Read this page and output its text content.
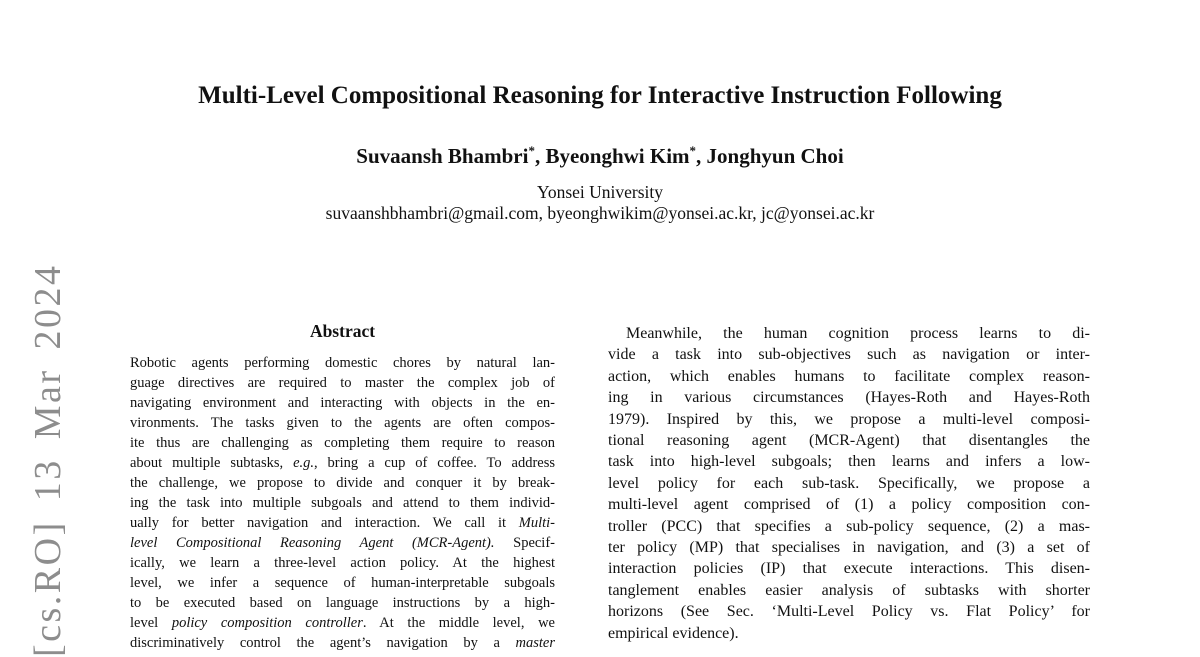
[cs.RO] 13 Mar 2024
Multi-Level Compositional Reasoning for Interactive Instruction Following
Suvaansh Bhambri*, Byeonghwi Kim*, Jonghyun Choi
Yonsei University
suvaanshbhambri@gmail.com, byeonghwikim@yonsei.ac.kr, jc@yonsei.ac.kr
Abstract
Robotic agents performing domestic chores by natural lan-
guage directives are required to master the complex job of
navigating environment and interacting with objects in the en-
vironments. The tasks given to the agents are often compos-
ite thus are challenging as completing them require to reason
about multiple subtasks, e.g., bring a cup of coffee. To address
the challenge, we propose to divide and conquer it by break-
ing the task into multiple subgoals and attend to them individ-
ually for better navigation and interaction. We call it Multi-
level Compositional Reasoning Agent (MCR-Agent). Specif-
ically, we learn a three-level action policy. At the highest
level, we infer a sequence of human-interpretable subgoals
to be executed based on language instructions by a high-
level policy composition controller. At the middle level, we
discriminatively control the agent’s navigation by a master
Meanwhile, the human cognition process learns to di-
vide a task into sub-objectives such as navigation or inter-
action, which enables humans to facilitate complex reason-
ing in various circumstances (Hayes-Roth and Hayes-Roth
1979). Inspired by this, we propose a multi-level composi-
tional reasoning agent (MCR-Agent) that disentangles the
task into high-level subgoals; then learns and infers a low-
level policy for each sub-task. Specifically, we propose a
multi-level agent comprised of (1) a policy composition con-
troller (PCC) that specifies a sub-policy sequence, (2) a mas-
ter policy (MP) that specialises in navigation, and (3) a set of
interaction policies (IP) that execute interactions. This disen-
tanglement enables easier analysis of subtasks with shorter
horizons (See Sec. ‘Multi-Level Policy vs. Flat Policy’ for
empirical evidence).
